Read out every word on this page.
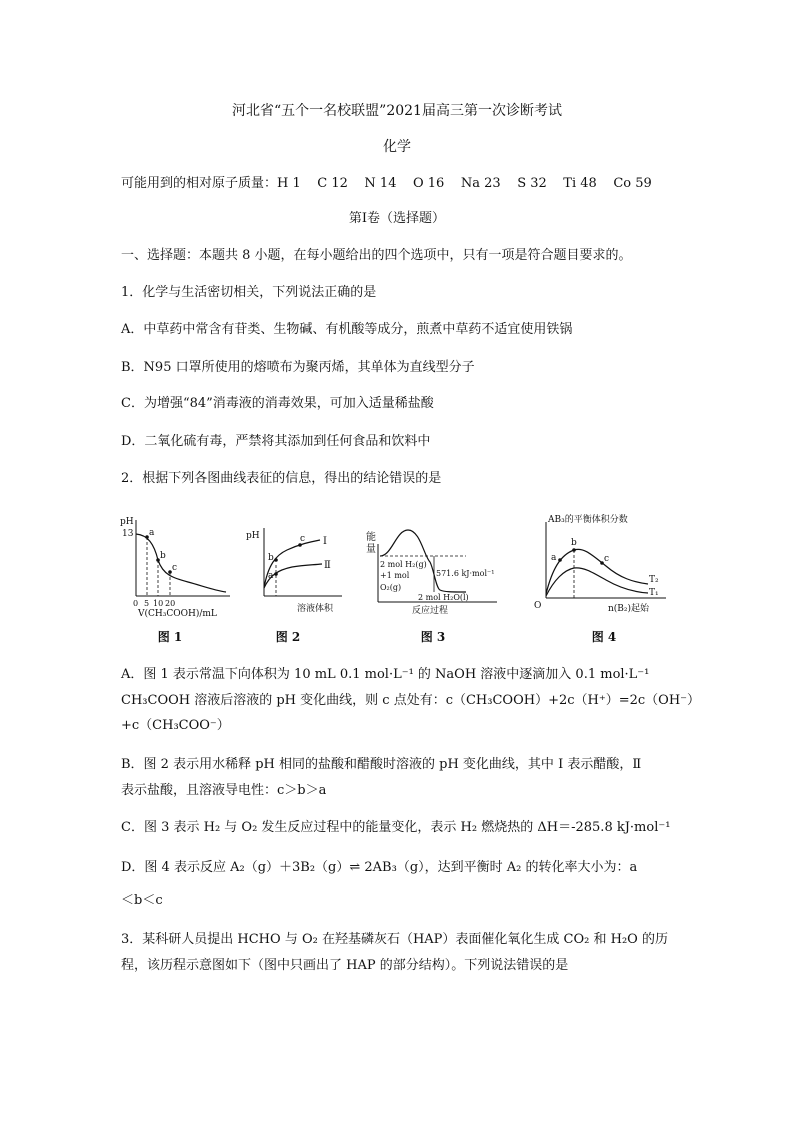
河北省“五个一名校联盟”2021届高三第一次诊断考试
化学
可能用到的相对原子质量：H 1    C 12    N 14    O 16    Na 23    S 32    Ti 48    Co 59
第Ⅰ卷（选择题）
一、选择题：本题共 8 小题，在每小题给出的四个选项中，只有一项是符合题目要求的。
1．化学与生活密切相关，下列说法正确的是
A．中草药中常含有苷类、生物碱、有机酸等成分，煎煮中草药不适宜使用铁锅
B．N95 口罩所使用的熔喷布为聚丙烯，其单体为直线型分子
C．为增强“84”消毒液的消毒效果，可加入适量稀盐酸
D．二氧化硫有毒，严禁将其添加到任何食品和饮料中
2．根据下列各图曲线表征的信息，得出的结论错误的是
pH
13 a
b
c
0 5 10 20
V(CH₃COOH)/mL
图 1
pH
a
b
c Ⅰ
Ⅱ
溶液体积
图 2
能
量
2 mol H₂(g)
+1 mol
O₂(g)
571.6 kJ·mol⁻¹
2 mol H₂O(l)
反应过程
图 3
AB₃的平衡体积分数
O
a
b
c
T₂
T₁
n(B₂)起始
图 4
A．图 1 表示常温下向体积为 10 mL 0.1 mol·L⁻¹ 的 NaOH 溶液中逐滴加入 0.1 mol·L⁻¹
CH₃COOH 溶液后溶液的 pH 变化曲线，则 c 点处有：c（CH₃COOH）+2c（H⁺）=2c（OH⁻）
+c（CH₃COO⁻）
B．图 2 表示用水稀释 pH 相同的盐酸和醋酸时溶液的 pH 变化曲线，其中 Ⅰ 表示醋酸，Ⅱ
表示盐酸，且溶液导电性：c＞b＞a
C．图 3 表示 H₂ 与 O₂ 发生反应过程中的能量变化，表示 H₂ 燃烧热的 ΔH＝-285.8 kJ·mol⁻¹
D．图 4 表示反应 A₂（g）＋3B₂（g）⇌ 2AB₃（g），达到平衡时 A₂ 的转化率大小为：a
＜b＜c
3．某科研人员提出 HCHO 与 O₂ 在羟基磷灰石（HAP）表面催化氧化生成 CO₂ 和 H₂O 的历
程，该历程示意图如下（图中只画出了 HAP 的部分结构）。下列说法错误的是
